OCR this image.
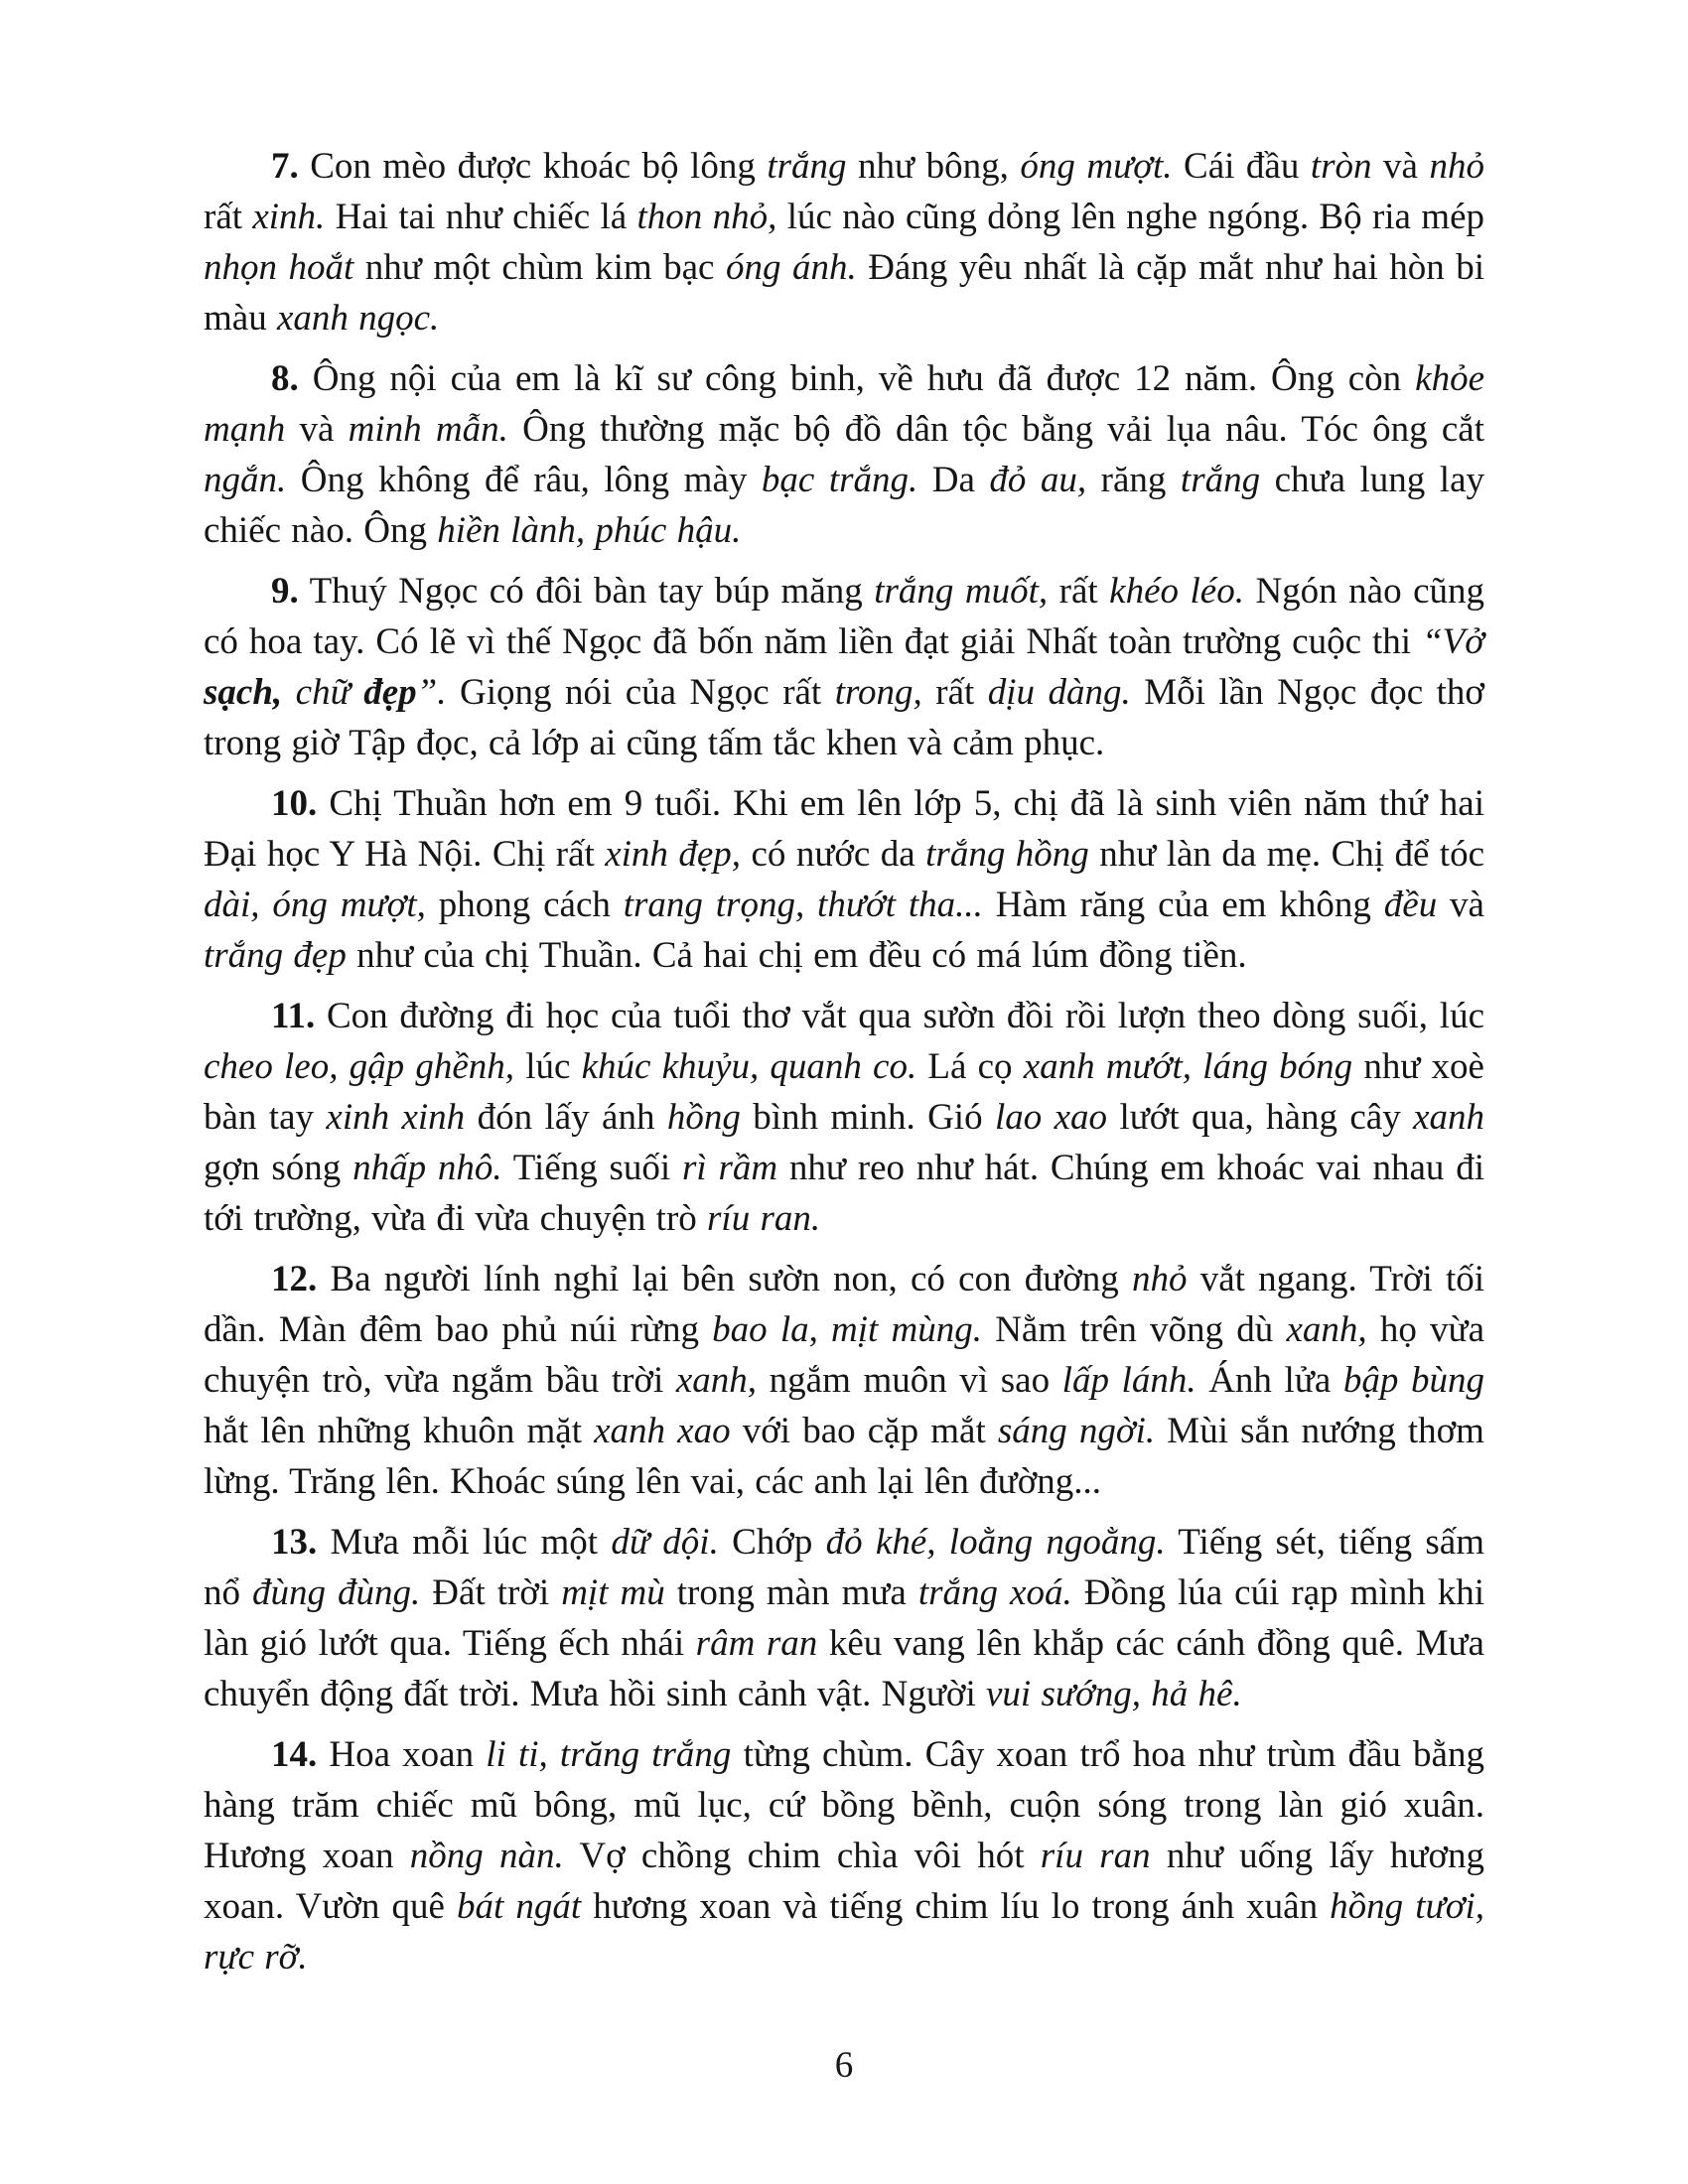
7. Con mèo được khoác bộ lông trắng như bông, óng mượt. Cái đầu tròn và nhỏ rất xinh. Hai tai như chiếc lá thon nhỏ, lúc nào cũng dỏng lên nghe ngóng. Bộ ria mép nhọn hoắt như một chùm kim bạc óng ánh. Đáng yêu nhất là cặp mắt như hai hòn bi màu xanh ngọc.

8. Ông nội của em là kĩ sư công binh, về hưu đã được 12 năm. Ông còn khỏe mạnh và minh mẫn. Ông thường mặc bộ đồ dân tộc bằng vải lụa nâu. Tóc ông cắt ngắn. Ông không để râu, lông mày bạc trắng. Da đỏ au, răng trắng chưa lung lay chiếc nào. Ông hiền lành, phúc hậu.

9. Thuý Ngọc có đôi bàn tay búp măng trắng muốt, rất khéo léo. Ngón nào cũng có hoa tay. Có lẽ vì thế Ngọc đã bốn năm liền đạt giải Nhất toàn trường cuộc thi “Vở sạch, chữ đẹp”. Giọng nói của Ngọc rất trong, rất dịu dàng. Mỗi lần Ngọc đọc thơ trong giờ Tập đọc, cả lớp ai cũng tấm tắc khen và cảm phục.

10. Chị Thuần hơn em 9 tuổi. Khi em lên lớp 5, chị đã là sinh viên năm thứ hai Đại học Y Hà Nội. Chị rất xinh đẹp, có nước da trắng hồng như làn da mẹ. Chị để tóc dài, óng mượt, phong cách trang trọng, thướt tha... Hàm răng của em không đều và trắng đẹp như của chị Thuần. Cả hai chị em đều có má lúm đồng tiền.

11. Con đường đi học của tuổi thơ vắt qua sườn đồi rồi lượn theo dòng suối, lúc cheo leo, gập ghềnh, lúc khúc khuỷu, quanh co. Lá cọ xanh mướt, láng bóng như xoè bàn tay xinh xinh đón lấy ánh hồng bình minh. Gió lao xao lướt qua, hàng cây xanh gợn sóng nhấp nhô. Tiếng suối rì rầm như reo như hát. Chúng em khoác vai nhau đi tới trường, vừa đi vừa chuyện trò ríu ran.

12. Ba người lính nghỉ lại bên sườn non, có con đường nhỏ vắt ngang. Trời tối dần. Màn đêm bao phủ núi rừng bao la, mịt mùng. Nằm trên võng dù xanh, họ vừa chuyện trò, vừa ngắm bầu trời xanh, ngắm muôn vì sao lấp lánh. Ánh lửa bập bùng hắt lên những khuôn mặt xanh xao với bao cặp mắt sáng ngời. Mùi sắn nướng thơm lừng. Trăng lên. Khoác súng lên vai, các anh lại lên đường...

13. Mưa mỗi lúc một dữ dội. Chớp đỏ khé, loằng ngoằng. Tiếng sét, tiếng sấm nổ đùng đùng. Đất trời mịt mù trong màn mưa trắng xoá. Đồng lúa cúi rạp mình khi làn gió lướt qua. Tiếng ếch nhái râm ran kêu vang lên khắp các cánh đồng quê. Mưa chuyển động đất trời. Mưa hồi sinh cảnh vật. Người vui sướng, hả hê.

14. Hoa xoan li ti, trăng trắng từng chùm. Cây xoan trổ hoa như trùm đầu bằng hàng trăm chiếc mũ bông, mũ lục, cứ bồng bềnh, cuộn sóng trong làn gió xuân. Hương xoan nồng nàn. Vợ chồng chim chìa vôi hót ríu ran như uống lấy hương xoan. Vườn quê bát ngát hương xoan và tiếng chim líu lo trong ánh xuân hồng tươi, rực rỡ.

6
